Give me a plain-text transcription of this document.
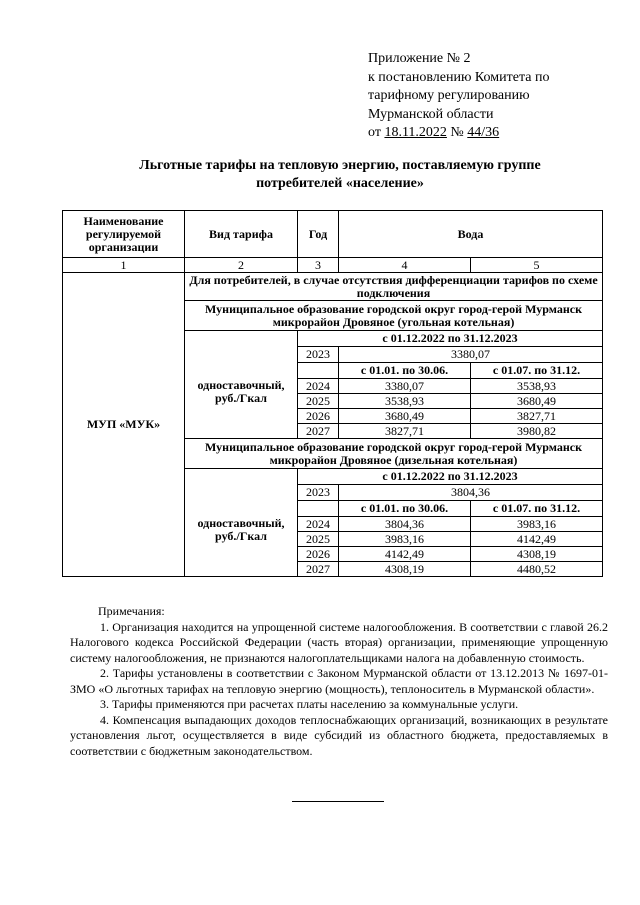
Приложение № 2
к постановлению Комитета по
тарифному регулированию
Мурманской области
от 18.11.2022 № 44/36
Льготные тарифы на тепловую энергию, поставляемую группе
потребителей «население»
Наименование регулируемой организации	Вид тарифа	Год	Вода	
1	2	3	4	5
МУП «МУК»	Для потребителей, в случае отсутствия дифференциации тарифов по схеме подключения			
	Муниципальное образование городской округ город-герой Мурманск микрорайон Дровяное (угольная котельная)			
		с 01.12.2022 по 31.12.2023		
	одноставочный, руб./Гкал	2023	3380,07	
			с 01.01. по 30.06.	с 01.07. по 31.12.
		2024	3380,07	3538,93
		2025	3538,93	3680,49
		2026	3680,49	3827,71
		2027	3827,71	3980,82
	Муниципальное образование городской округ город-герой Мурманск микрорайон Дровяное (дизельная котельная)			
		с 01.12.2022 по 31.12.2023		
	одноставочный, руб./Гкал	2023	3804,36	
			с 01.01. по 30.06.	с 01.07. по 31.12.
		2024	3804,36	3983,16
		2025	3983,16	4142,49
		2026	4142,49	4308,19
		2027	4308,19	4480,52

Примечания:

1. Организация находится на упрощенной системе налогообложения. В соответствии с главой 26.2 Налогового кодекса Российской Федерации (часть вторая) организации, применяющие упрощенную систему налогообложения, не признаются налогоплательщиками налога на добавленную стоимость.

2. Тарифы установлены в соответствии с Законом Мурманской области от 13.12.2013 № 1697-01-ЗМО «О льготных тарифах на тепловую энергию (мощность), теплоноситель в Мурманской области».

3. Тарифы применяются при расчетах платы населению за коммунальные услуги.

4. Компенсация выпадающих доходов теплоснабжающих организаций, возникающих в результате установления льгот, осуществляется в виде субсидий из областного бюджета, предоставляемых в соответствии с бюджетным законодательством.
